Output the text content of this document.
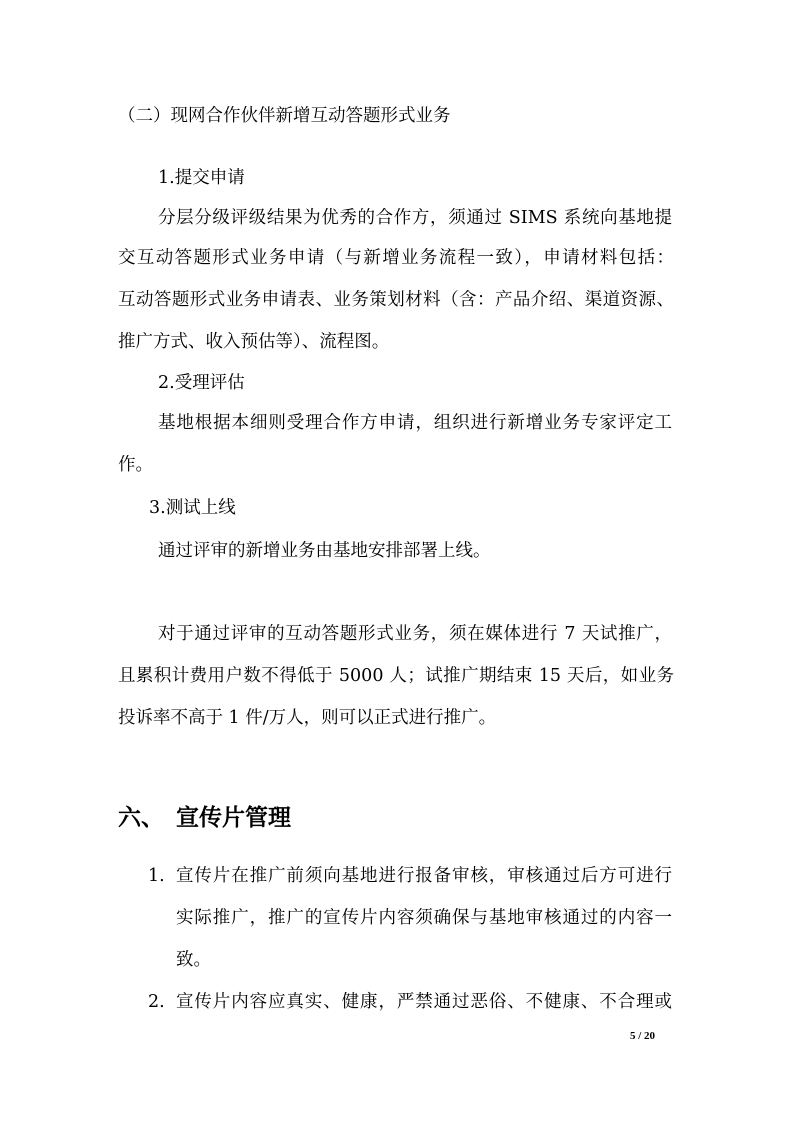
（二）现网合作伙伴新增互动答题形式业务
1.提交申请
分层分级评级结果为优秀的合作方，须通过 SIMS 系统向基地提
交互动答题形式业务申请（与新增业务流程一致），申请材料包括：
互动答题形式业务申请表、业务策划材料（含：产品介绍、渠道资源、
推广方式、收入预估等）、流程图。
2.受理评估
基地根据本细则受理合作方申请，组织进行新增业务专家评定工
作。
3.测试上线
通过评审的新增业务由基地安排部署上线。
对于通过评审的互动答题形式业务，须在媒体进行 7 天试推广，
且累积计费用户数不得低于 5000 人；试推广期结束 15 天后，如业务
投诉率不高于 1 件/万人，则可以正式进行推广。
六、 宣传片管理
1. 宣传片在推广前须向基地进行报备审核，审核通过后方可进行
实际推广，推广的宣传片内容须确保与基地审核通过的内容一
致。
2. 宣传片内容应真实、健康，严禁通过恶俗、不健康、不合理或
5 / 20
